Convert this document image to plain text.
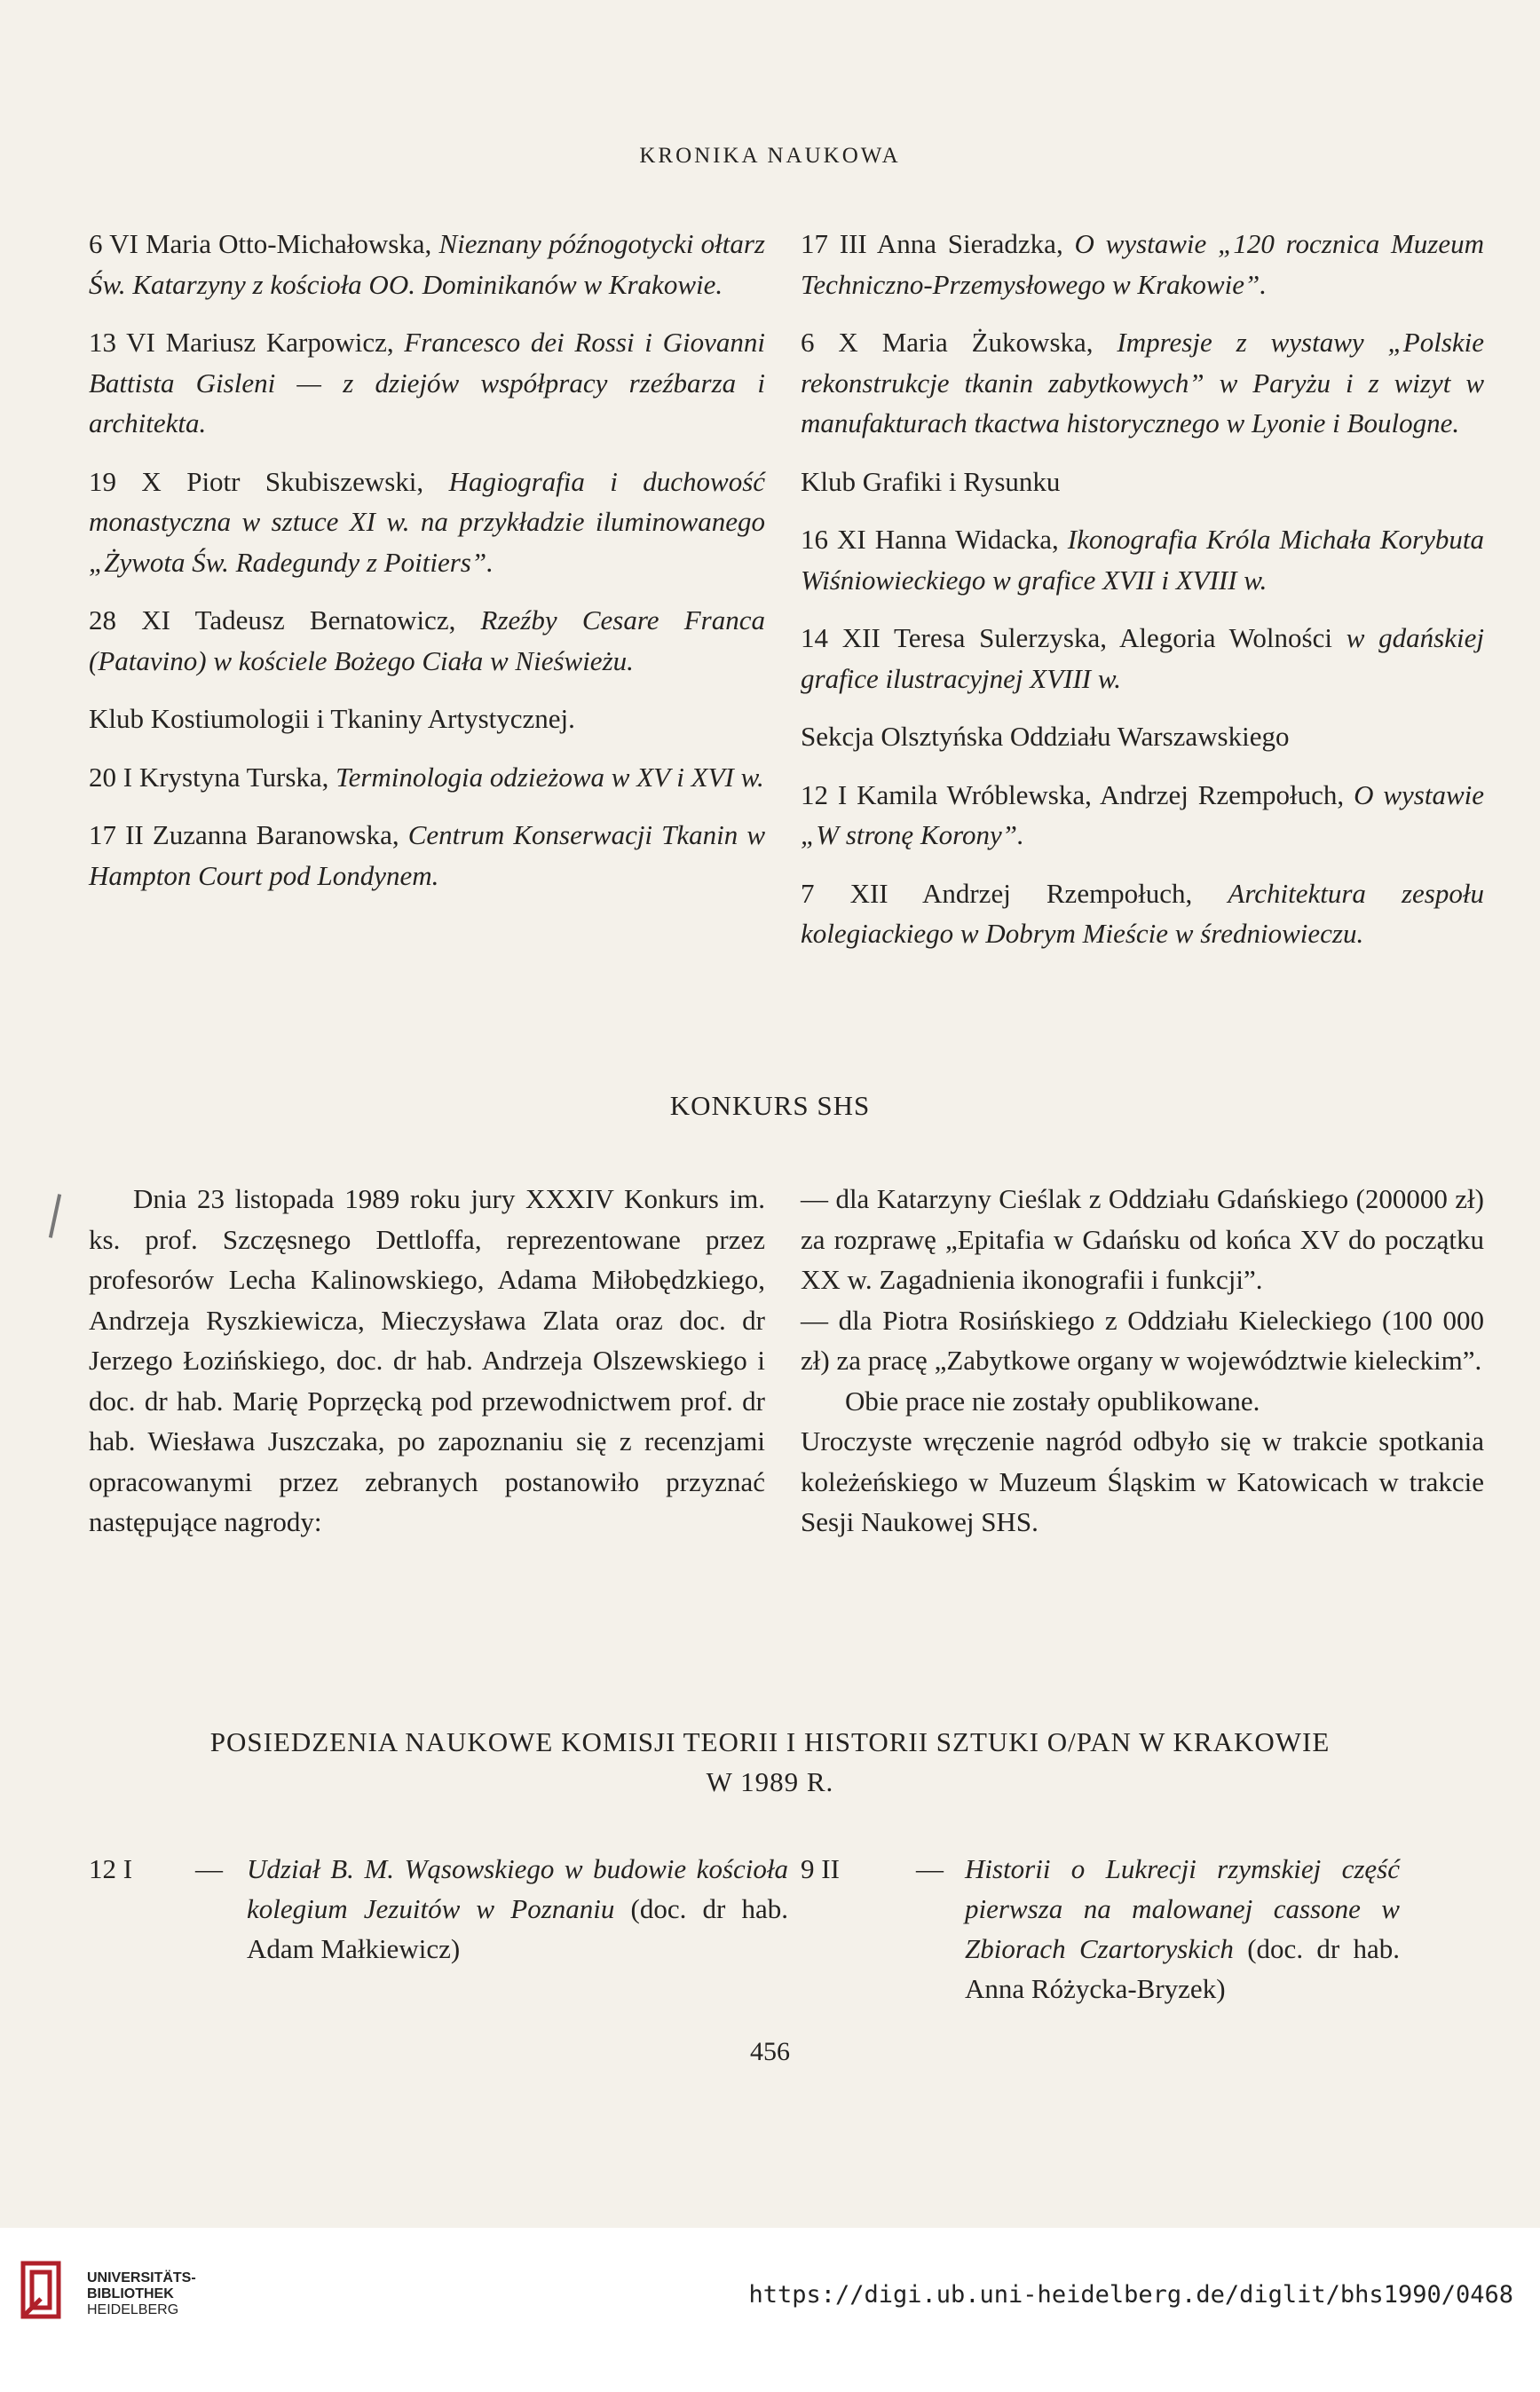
KRONIKA NAUKOWA

6 VI Maria Otto-Michałowska, Nieznany późnogotycki ołtarz Św. Katarzyny z kościoła OO. Dominikanów w Krakowie.

13 VI Mariusz Karpowicz, Francesco dei Rossi i Giovanni Battista Gisleni — z dziejów współpracy rzeźbarza i architekta.

19 X Piotr Skubiszewski, Hagiografia i duchowość monastyczna w sztuce XI w. na przykładzie iluminowanego „Żywota Św. Radegundy z Poitiers”.

28 XI Tadeusz Bernatowicz, Rzeźby Cesare Franca (Patavino) w kościele Bożego Ciała w Nieświeżu.

Klub Kostiumologii i Tkaniny Artystycznej.

20 I Krystyna Turska, Terminologia odzieżowa w XV i XVI w.

17 II Zuzanna Baranowska, Centrum Konserwacji Tkanin w Hampton Court pod Londynem.

17 III Anna Sieradzka, O wystawie „120 rocznica Muzeum Techniczno-Przemysłowego w Krakowie”.

6 X Maria Żukowska, Impresje z wystawy „Polskie rekonstrukcje tkanin zabytkowych” w Paryżu i z wizyt w manufakturach tkactwa historycznego w Lyonie i Boulogne.

Klub Grafiki i Rysunku

16 XI Hanna Widacka, Ikonografia Króla Michała Korybuta Wiśniowieckiego w grafice XVII i XVIII w.

14 XII Teresa Sulerzyska, Alegoria Wolności w gdańskiej grafice ilustracyjnej XVIII w.

Sekcja Olsztyńska Oddziału Warszawskiego

12 I Kamila Wróblewska, Andrzej Rzempołuch, O wystawie „W stronę Korony”.

7 XII Andrzej Rzempołuch, Architektura zespołu kolegiackiego w Dobrym Mieście w średniowieczu.

KONKURS SHS

Dnia 23 listopada 1989 roku jury XXXIV Konkurs im. ks. prof. Szczęsnego Dettloffa, reprezentowane przez profesorów Lecha Kalinowskiego, Adama Miłobędzkiego, Andrzeja Ryszkiewicza, Mieczysława Zlata oraz doc. dr Jerzego Łozińskiego, doc. dr hab. Andrzeja Olszewskiego i doc. dr hab. Marię Poprzęcką pod przewodnictwem prof. dr hab. Wiesława Juszczaka, po zapoznaniu się z recenzjami opracowanymi przez zebranych postanowiło przyznać następujące nagrody:

— dla Katarzyny Cieślak z Oddziału Gdańskiego (200000 zł) za rozprawę „Epitafia w Gdańsku od końca XV do początku XX w. Zagadnienia ikonografii i funkcji”.

— dla Piotra Rosińskiego z Oddziału Kieleckiego (100 000 zł) za pracę „Zabytkowe organy w województwie kieleckim”.

Obie prace nie zostały opublikowane.

Uroczyste wręczenie nagród odbyło się w trakcie spotkania koleżeńskiego w Muzeum Śląskim w Katowicach w trakcie Sesji Naukowej SHS.

POSIEDZENIA NAUKOWE KOMISJI TEORII I HISTORII SZTUKI O/PAN W KRAKOWIE
W 1989 R.
12 I — Udział B. M. Wąsowskiego w budowie kościoła kolegium Jezuitów w Poznaniu (doc. dr hab. Adam Małkiewicz)
9 II	— Historii o Lukrecji rzymskiej część pierwsza na malowanej cassone w Zbiorach Czartoryskich (doc. dr hab. Anna Różycka-Bryzek)
456
UNIVERSITÄTS-
BIBLIOTHEK
HEIDELBERG
https://digi.ub.uni-heidelberg.de/diglit/bhs1990/0468
